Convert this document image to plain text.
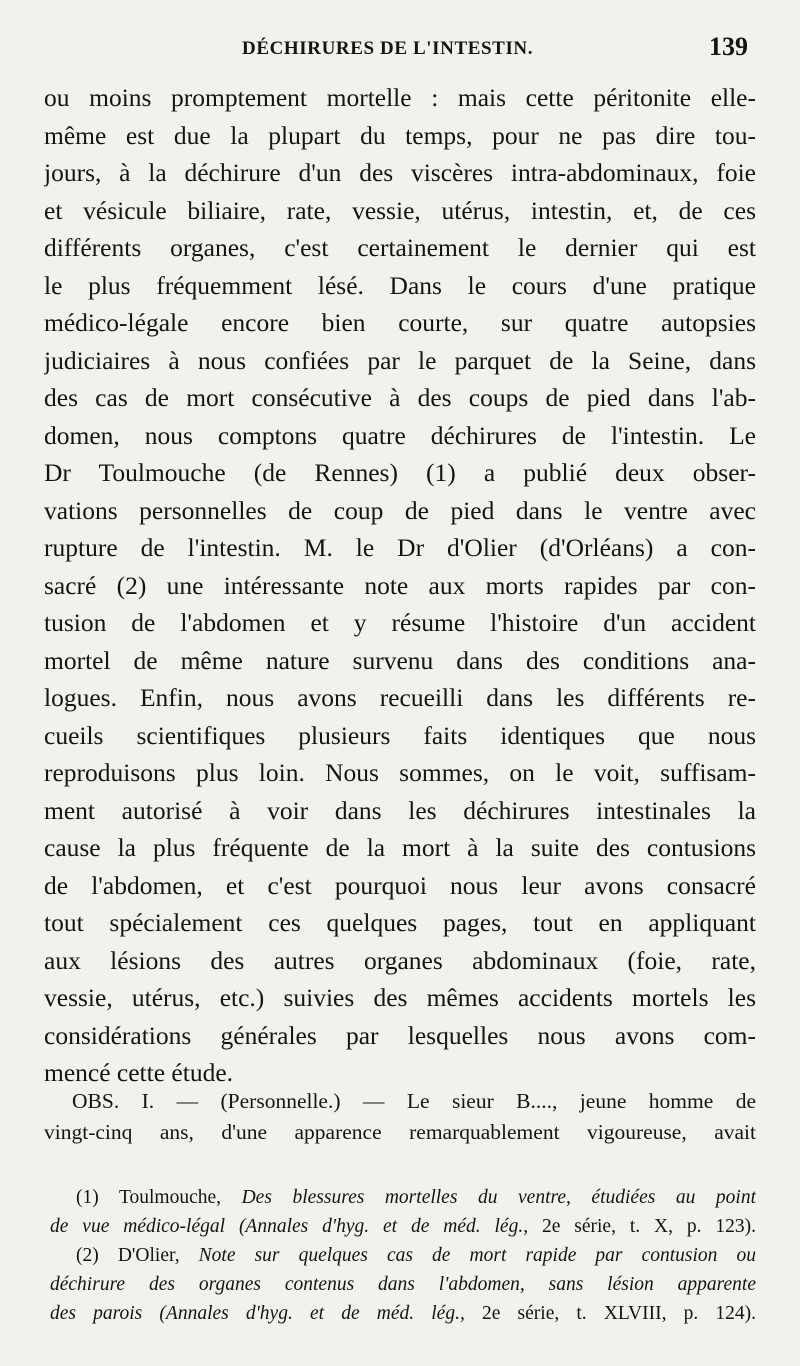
DÉCHIRURES DE L'INTESTIN.	139
ou moins promptement mortelle : mais cette péritonite elle-
même est due la plupart du temps, pour ne pas dire tou-
jours, à la déchirure d'un des viscères intra-abdominaux, foie
et vésicule biliaire, rate, vessie, utérus, intestin, et, de ces
différents organes, c'est certainement le dernier qui est
le plus fréquemment lésé. Dans le cours d'une pratique
médico-légale encore bien courte, sur quatre autopsies
judiciaires à nous confiées par le parquet de la Seine, dans
des cas de mort consécutive à des coups de pied dans l'ab-
domen, nous comptons quatre déchirures de l'intestin. Le
Dr Toulmouche (de Rennes) (1) a publié deux obser-
vations personnelles de coup de pied dans le ventre avec
rupture de l'intestin. M. le Dr d'Olier (d'Orléans) a con-
sacré (2) une intéressante note aux morts rapides par con-
tusion de l'abdomen et y résume l'histoire d'un accident
mortel de même nature survenu dans des conditions ana-
logues. Enfin, nous avons recueilli dans les différents re-
cueils scientifiques plusieurs faits identiques que nous
reproduisons plus loin. Nous sommes, on le voit, suffisam-
ment autorisé à voir dans les déchirures intestinales la
cause la plus fréquente de la mort à la suite des contusions
de l'abdomen, et c'est pourquoi nous leur avons consacré
tout spécialement ces quelques pages, tout en appliquant
aux lésions des autres organes abdominaux (foie, rate,
vessie, utérus, etc.) suivies des mêmes accidents mortels les
considérations générales par lesquelles nous avons com-
mencé cette étude.
OBS. I. — (Personnelle.) — Le sieur B...., jeune homme de
vingt-cinq ans, d'une apparence remarquablement vigoureuse, avait
(1) Toulmouche, Des blessures mortelles du ventre, étudiées au point
de vue médico-légal (Annales d'hyg. et de méd. lég., 2e série, t. X, p. 123).
(2) D'Olier, Note sur quelques cas de mort rapide par contusion ou
déchirure des organes contenus dans l'abdomen, sans lésion apparente
des parois (Annales d'hyg. et de méd. lég., 2e série, t. XLVIII, p. 124).
